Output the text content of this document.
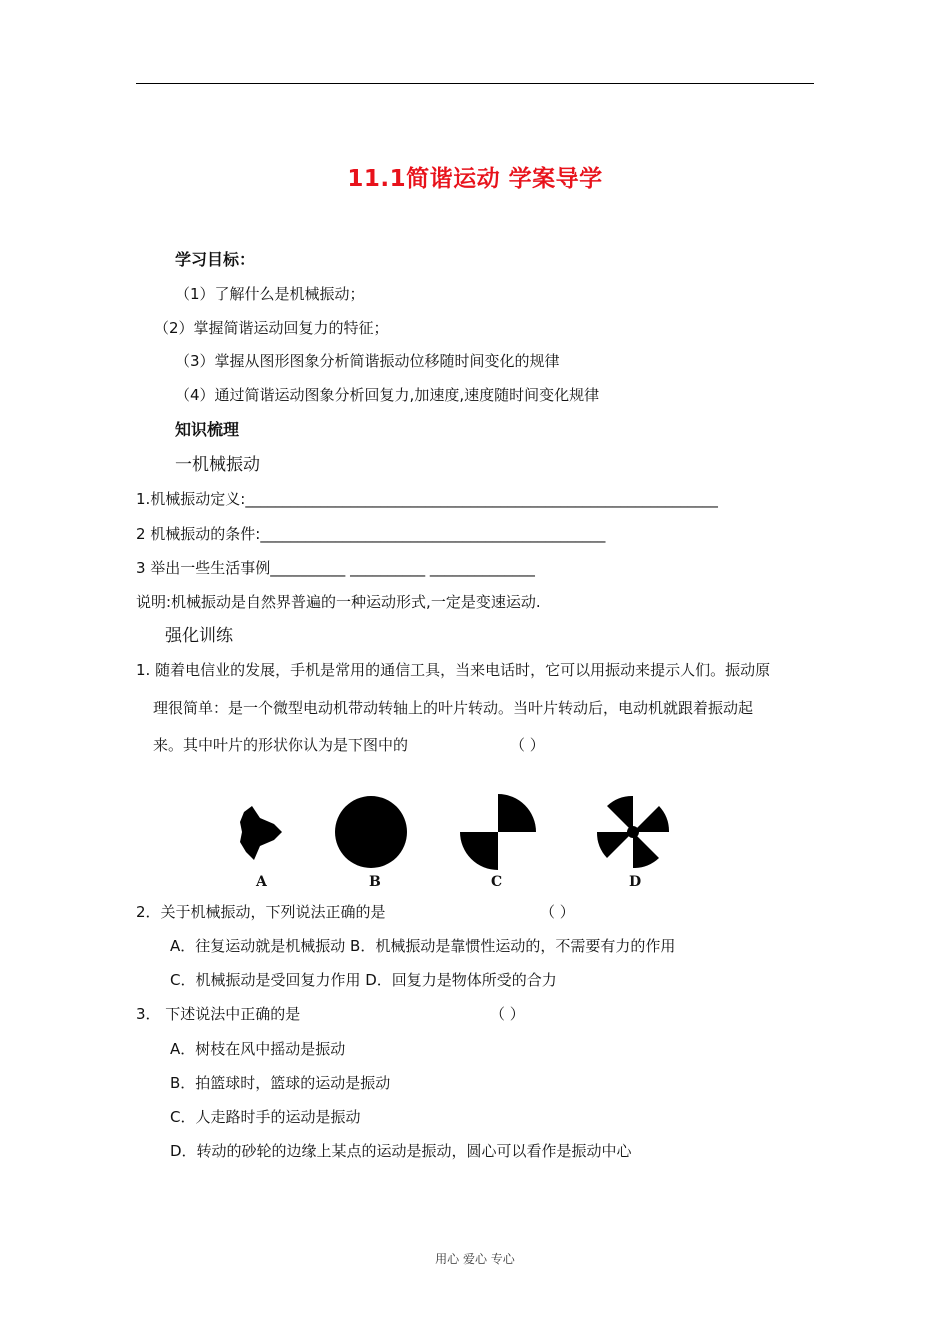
11.1简谐运动 学案导学
学习目标：
（1）了解什么是机械振动；
（2）掌握简谐运动回复力的特征；
（3）掌握从图形图象分析简谐振动位移随时间变化的规律
（4）通过简谐运动图象分析回复力,加速度,速度随时间变化规律
知识梳理
一机械振动
1.机械振动定义:_______________________________________________________________
2 机械振动的条件:______________________________________________
3 举出一些生活事例__________ __________ ______________
说明:机械振动是自然界普遍的一种运动形式,一定是变速运动.
强化训练
1. 随着电信业的发展，手机是常用的通信工具，当来电话时，它可以用振动来提示人们。振动原
理很简单：是一个微型电动机带动转轴上的叶片转动。当叶片转动后，电动机就跟着振动起
来。其中叶片的形状你认为是下图中的	（ ）
A	B	C	D
2．关于机械振动，下列说法正确的是	（ ）
A．往复运动就是机械振动 B．机械振动是靠惯性运动的，不需要有力的作用
C．机械振动是受回复力作用 D．回复力是物体所受的合力
3． 下述说法中正确的是	（ ）
A．树枝在风中摇动是振动
B．拍篮球时，篮球的运动是振动
C．人走路时手的运动是振动
D．转动的砂轮的边缘上某点的运动是振动，圆心可以看作是振动中心
用心 爱心 专心
